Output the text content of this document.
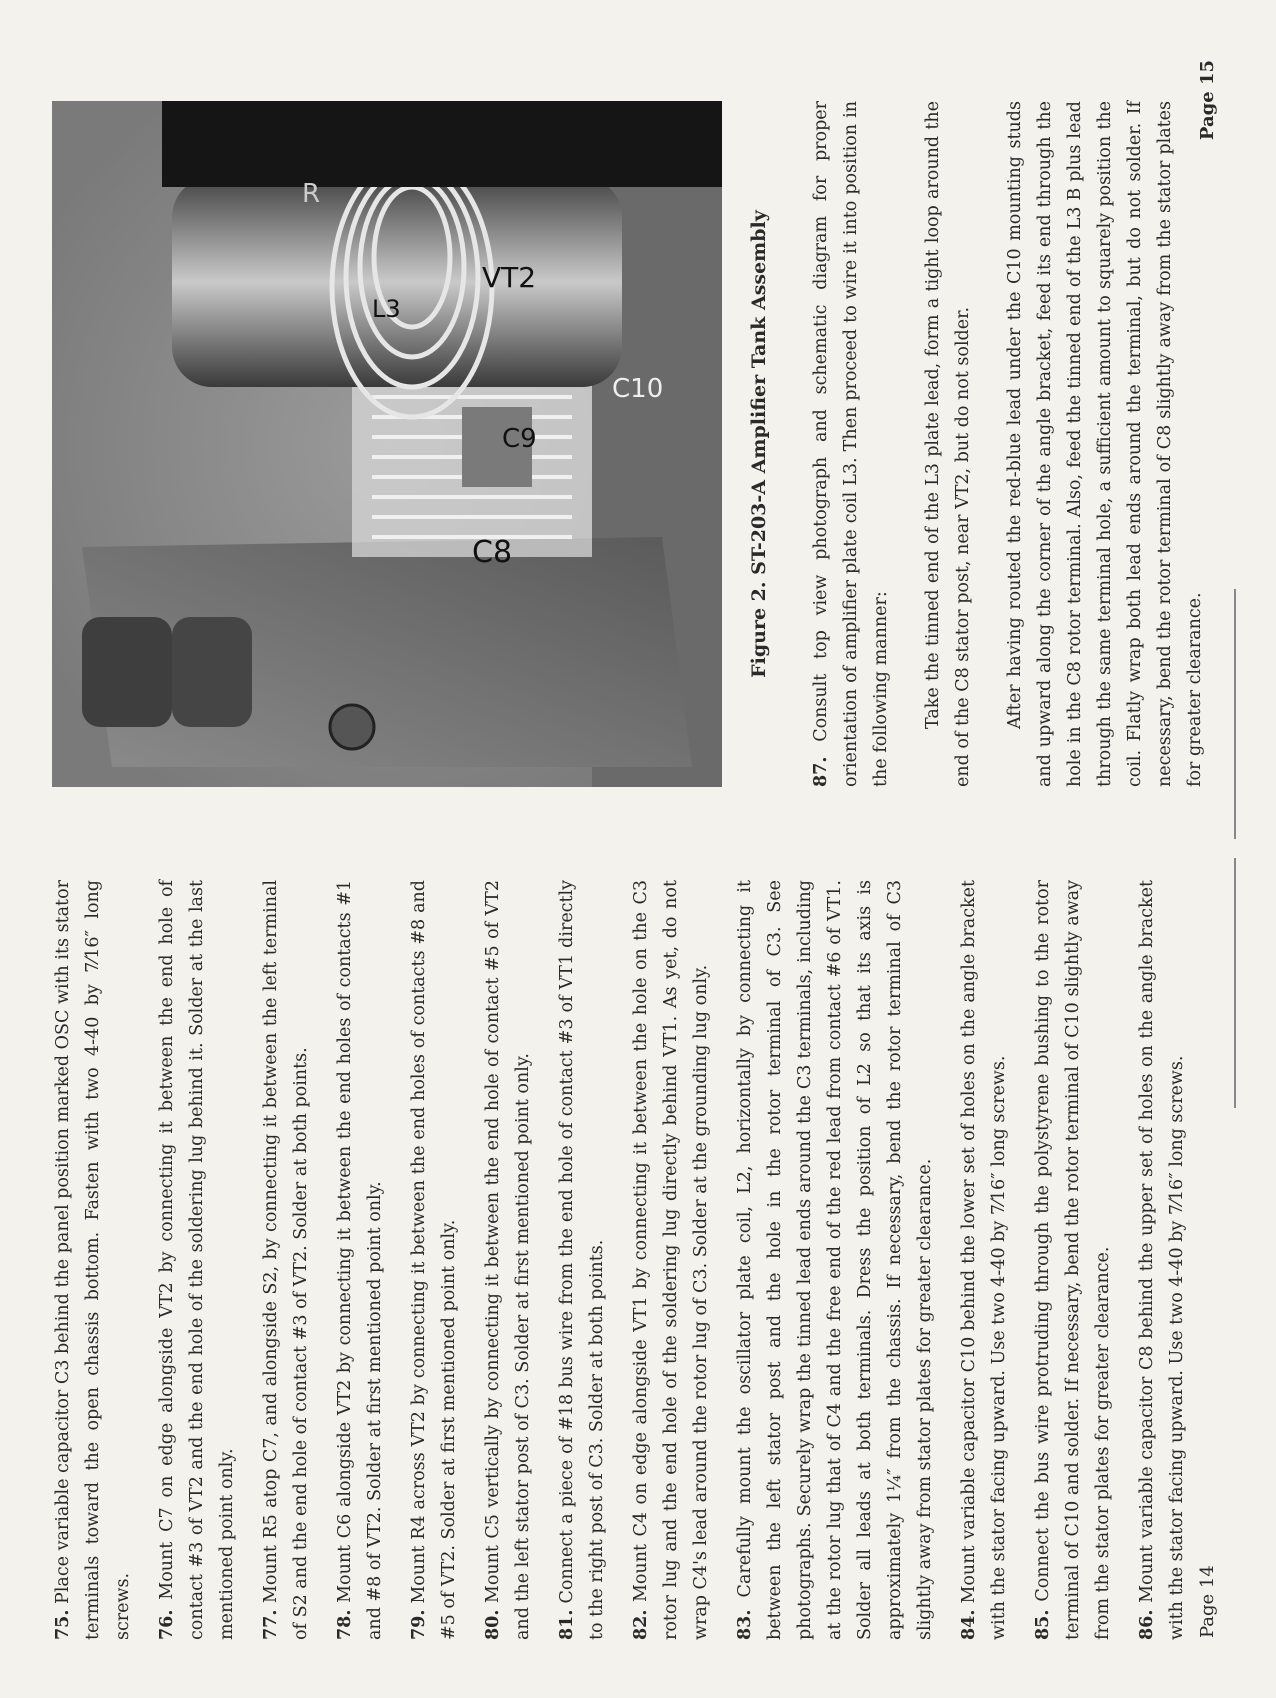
75. Place variable capacitor C3 behind the panel position marked OSC with its stator terminals toward the open chassis bottom. Fasten with two 4-40 by 7⁄16″ long screws. 76. Mount C7 on edge alongside VT2 by connecting it between the end hole of contact #3 of VT2 and the end hole of the soldering lug behind it. Solder at the last mentioned point only. 77. Mount R5 atop C7, and alongside S2, by connecting it between the left terminal of S2 and the end hole of contact #3 of VT2. Solder at both points. 78. Mount C6 alongside VT2 by connecting it between the end holes of contacts #1 and #8 of VT2. Solder at first mentioned point only. 79. Mount R4 across VT2 by connecting it between the end holes of contacts #8 and #5 of VT2. Solder at first mentioned point only. 80. Mount C5 vertically by connecting it between the end hole of contact #5 of VT2 and the left stator post of C3. Solder at first mentioned point only. 81. Connect a piece of #18 bus wire from the end hole of contact #3 of VT1 directly to the right post of C3. Solder at both points. 82. Mount C4 on edge alongside VT1 by connecting it between the hole on the C3 rotor lug and the end hole of the soldering lug directly behind VT1. As yet, do not wrap C4's lead around the rotor lug of C3. Solder at the grounding lug only. 83. Carefully mount the oscillator plate coil, L2, horizontally by connecting it between the left stator post and the hole in the rotor terminal of C3. See photographs. Securely wrap the tinned lead ends around the C3 terminals, including at the rotor lug that of C4 and the free end of the red lead from contact #6 of VT1. Solder all leads at both terminals. Dress the position of L2 so that its axis is approximately 1¼″ from the chassis. If necessary, bend the rotor terminal of C3 slightly away from stator plates for greater clearance. 84. Mount variable capacitor C10 behind the lower set of holes on the angle bracket with the stator facing upward. Use two 4-40 by 7⁄16″ long screws. 85. Connect the bus wire protruding through the polystyrene bushing to the rotor terminal of C10 and solder. If necessary, bend the rotor terminal of C10 slightly away from the stator plates for greater clearance. 86. Mount variable capacitor C8 behind the upper set of holes on the angle bracket with the stator facing upward. Use two 4-40 by 7⁄16″ long screws. Page 14
C8
C9
C10
VT2
L3
R
Figure 2. ST-203-A Amplifier Tank Assembly

87. Consult top view photograph and schematic diagram for proper orientation of amplifier plate coil L3. Then proceed to wire it into position in the following manner: Take the tinned end of the L3 plate lead, form a tight loop around the end of the C8 stator post, near VT2, but do not solder. After having routed the red-blue lead under the C10 mounting studs and upward along the corner of the angle bracket, feed its end through the hole in the C8 rotor terminal. Also, feed the tinned end of the L3 B plus lead through the same terminal hole, a sufficient amount to squarely position the coil. Flatly wrap both lead ends around the terminal, but do not solder. If necessary, bend the rotor terminal of C8 slightly away from the stator plates for greater clearance.

Page 15
